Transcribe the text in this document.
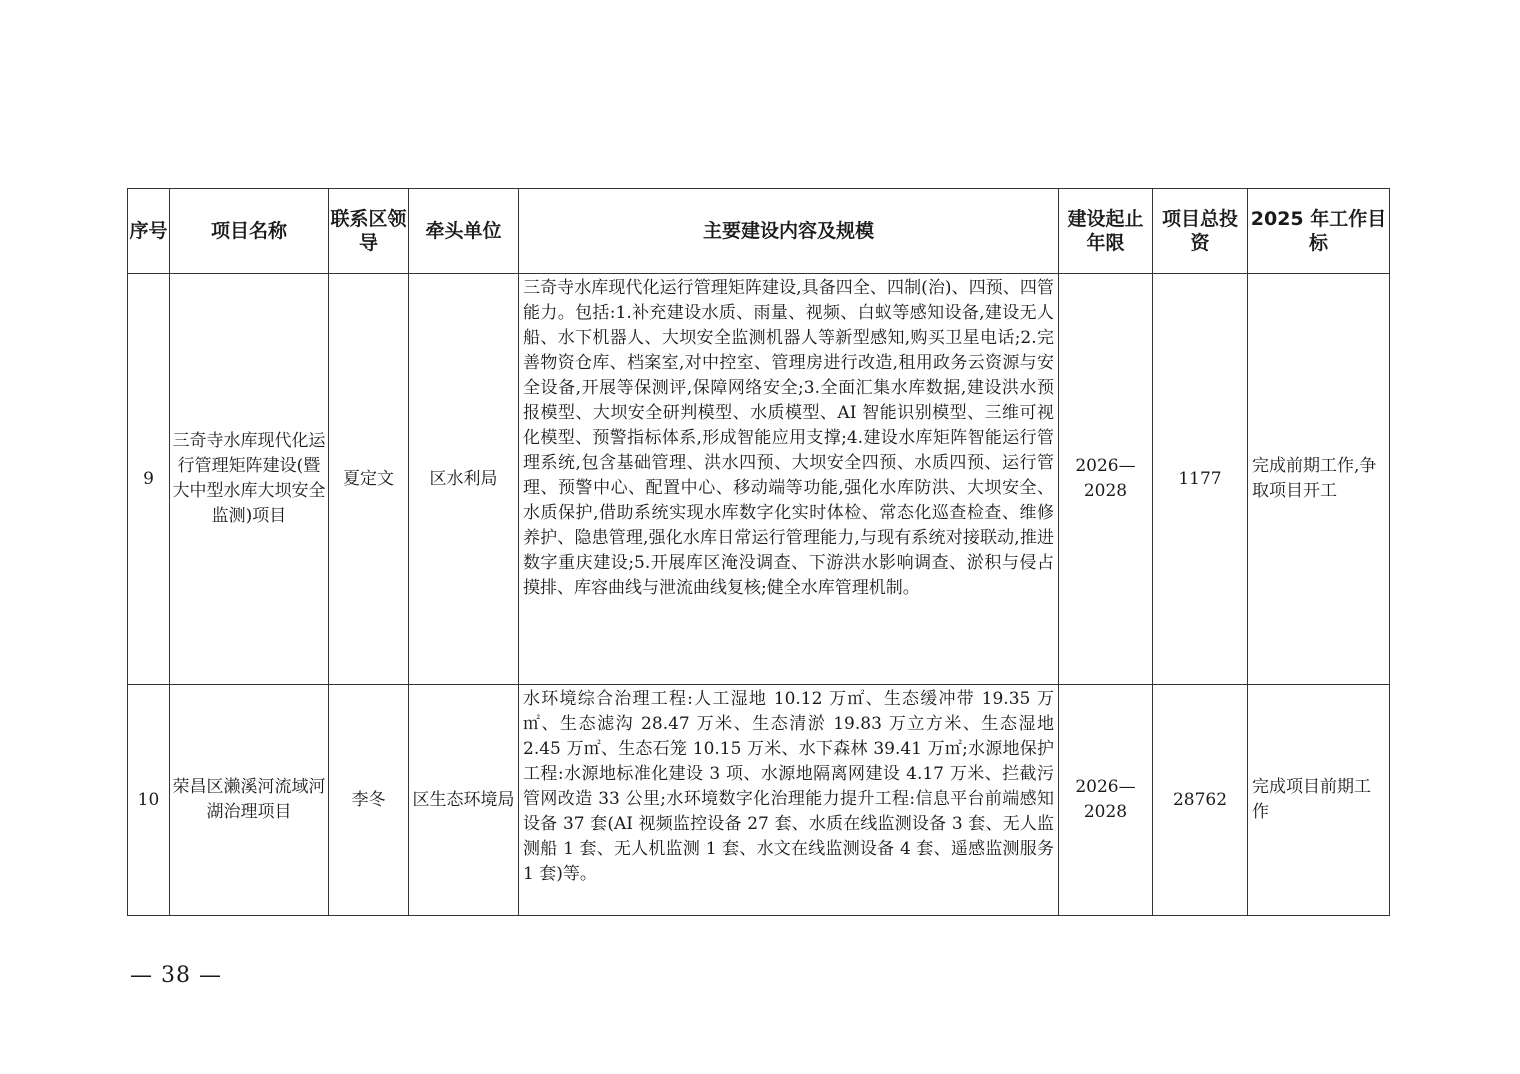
序号	项目名称	联系区领导	牵头单位	主要建设内容及规模	建设起止年限	项目总投资	2025 年工作目标
9	三奇寺水库现代化运行管理矩阵建设(暨大中型水库大坝安全监测)项目	夏定文	区水利局	三奇寺水库现代化运行管理矩阵建设,具备四全、四制(治)、四预、四管能力。包括:1.补充建设水质、雨量、视频、白蚁等感知设备,建设无人船、水下机器人、大坝安全监测机器人等新型感知,购买卫星电话;2.完善物资仓库、档案室,对中控室、管理房进行改造,租用政务云资源与安全设备,开展等保测评,保障网络安全;3.全面汇集水库数据,建设洪水预报模型、大坝安全研判模型、水质模型、AI 智能识别模型、三维可视化模型、预警指标体系,形成智能应用支撑;4.建设水库矩阵智能运行管理系统,包含基础管理、洪水四预、大坝安全四预、水质四预、运行管理、预警中心、配置中心、移动端等功能,强化水库防洪、大坝安全、水质保护,借助系统实现水库数字化实时体检、常态化巡查检查、维修养护、隐患管理,强化水库日常运行管理能力,与现有系统对接联动,推进数字重庆建设;5.开展库区淹没调查、下游洪水影响调查、淤积与侵占摸排、库容曲线与泄流曲线复核;健全水库管理机制。	2026—2028	1177	完成前期工作,争取项目开工
10	荣昌区濑溪河流域河湖治理项目	李冬	区生态环境局	水环境综合治理工程:人工湿地 10.12 万㎡、生态缓冲带 19.35 万㎡、生态滤沟 28.47 万米、生态清淤 19.83 万立方米、生态湿地 2.45 万㎡、生态石笼 10.15 万米、水下森林 39.41 万㎡;水源地保护工程:水源地标准化建设 3 项、水源地隔离网建设 4.17 万米、拦截污管网改造 33 公里;水环境数字化治理能力提升工程:信息平台前端感知设备 37 套(AI 视频监控设备 27 套、水质在线监测设备 3 套、无人监测船 1 套、无人机监测 1 套、水文在线监测设备 4 套、遥感监测服务 1 套)等。	2026—2028	28762	完成项目前期工作
— 38 —
